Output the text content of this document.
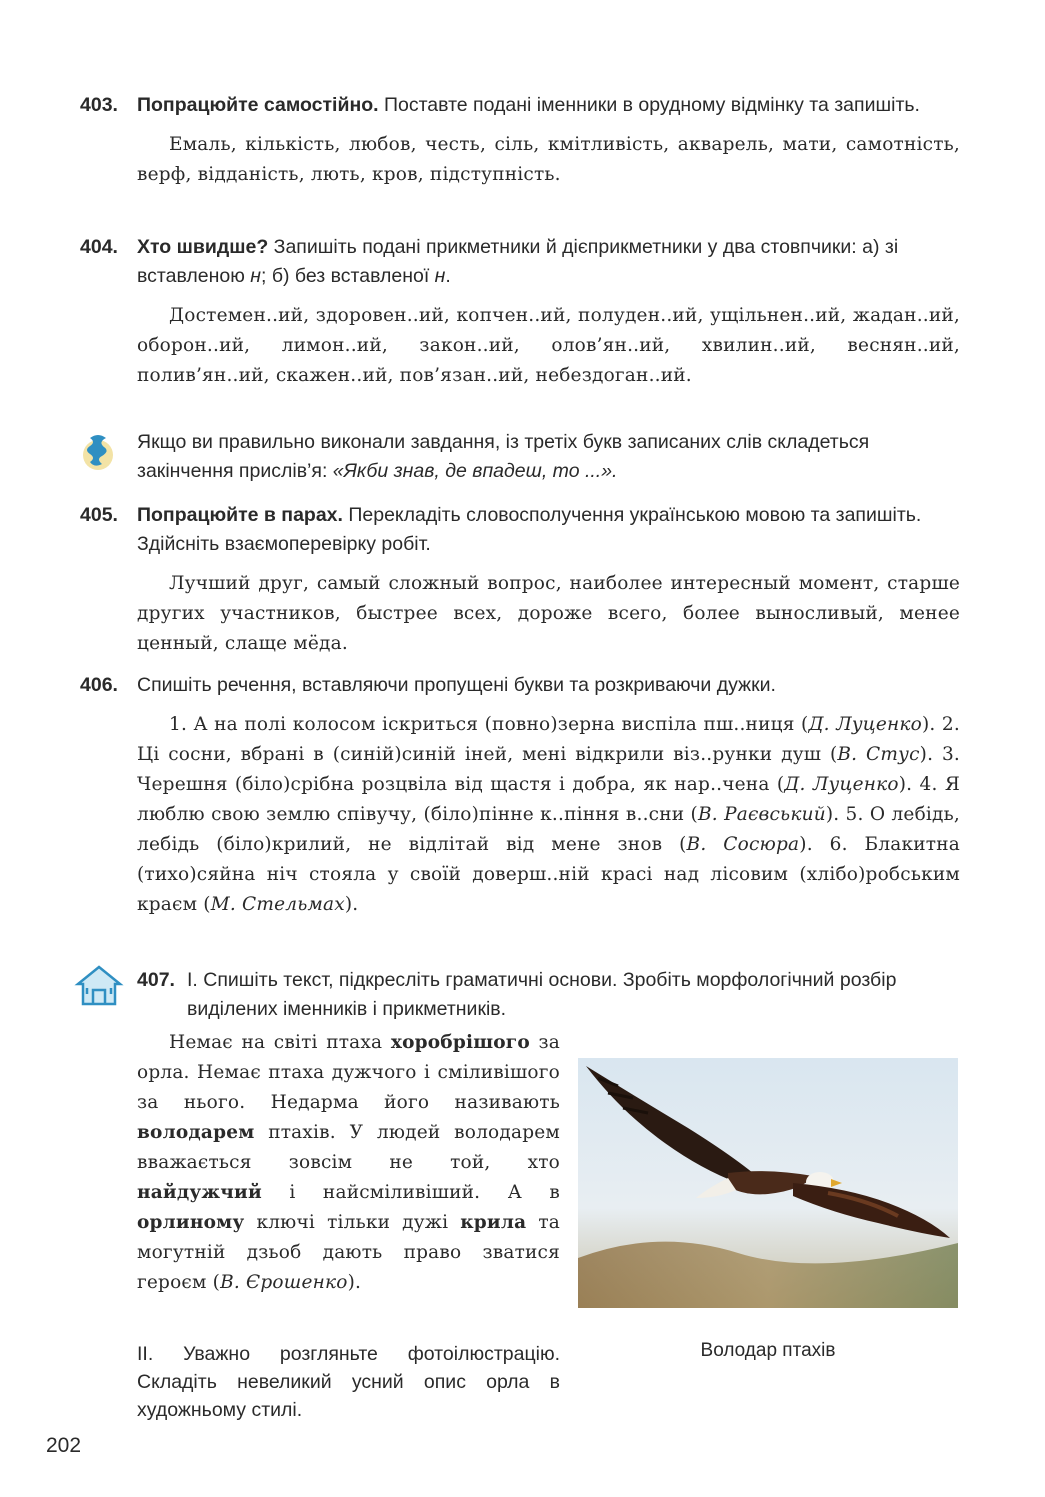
403. Попрацюйте самостійно. Поставте подані іменники в орудному відмінку та запишіть.
Емаль, кількість, любов, честь, сіль, кмітливість, акварель, мати, самотність, верф, відданість, лють, кров, підступність.
404. Хто швидше? Запишіть подані прикметники й дієприкметники у два стовпчики: а) зі вставленою н; б) без вставленої н.
Достемен..ий, здоровен..ий, копчен..ий, полуден..ий, ущільнен..ий, жадан..ий, оборон..ий, лимон..ий, закон..ий, олов’ян..ий, хвилин..ий, веснян..ий, полив’ян..ий, скажен..ий, пов’язан..ий, небездоган..ий.
Якщо ви правильно виконали завдання, із третіх букв записаних слів складеться закінчення прислів’я: «Якби знав, де впадеш, то ...».
405. Попрацюйте в парах. Перекладіть словосполучення українською мовою та запишіть. Здійсніть взаємоперевірку робіт.
Лучший друг, самый сложный вопрос, наиболее интересный момент, старше других участников, быстрее всех, дороже всего, более выносливый, менее ценный, слаще мёда.
406. Спишіть речення, вставляючи пропущені букви та розкриваючи дужки.
1. А на полі колосом іскриться (повно)зерна виспіла пш..ниця (Д. Луценко). 2. Ці сосни, вбрані в (синій)синій іней, мені відкрили віз..рунки душ (В. Стус). 3. Черешня (біло)срібна розцвіла від щастя і добра, як нар..чена (Д. Луценко). 4. Я люблю свою землю співучу, (біло)пінне к..піння в..сни (В. Раєвський). 5. О лебідь, лебідь (біло)крилий, не відлітай від мене знов (В. Сосюра). 6. Блакитна (тихо)сяйна ніч стояла у своїй доверш..ній красі над лісовим (хлібо)робським краєм (М. Стельмах).
407. І. Спишіть текст, підкресліть граматичні основи. Зробіть морфологічний розбір виділених іменників і прикметників.
Немає на світі птаха хоробрішого за орла. Немає птаха дужчого і сміливішого за нього. Недарма його називають володарем птахів. У людей володарем вважається зовсім не той, хто найдужчий і найсміливіший. А в орлиному ключі тільки дужі крила та могутній дзьоб дають право зватися героєм (В. Єрошенко).
Володар птахів
ІІ. Уважно розгляньте фотоілюстрацію. Складіть невеликий усний опис орла в художньому стилі.
202
